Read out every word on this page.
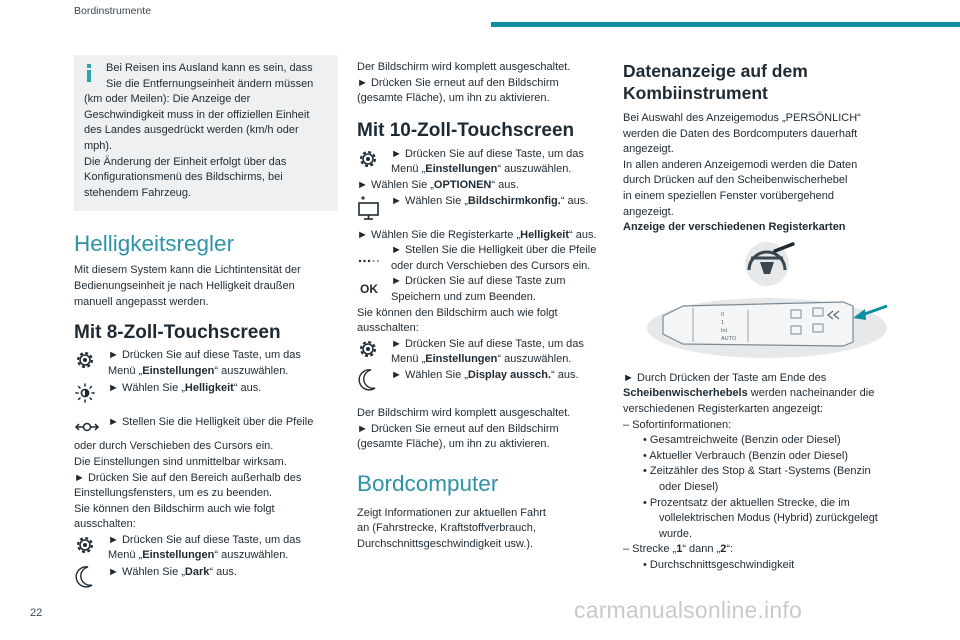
Bordinstrumente
22	carmanualsonline.info

Bei Reisen ins Ausland kann es sein, dass

Sie die Entfernungseinheit ändern müssen

(km oder Meilen): Die Anzeige der

Geschwindigkeit muss in der offiziellen Einheit

des Landes ausgedrückt werden (km/h oder

mph).

Die Änderung der Einheit erfolgt über das

Konfigurationsmenü des Bildschirms, bei

stehendem Fahrzeug.

Helligkeitsregler

Mit diesem System kann die Lichtintensität der

Bedienungseinheit je nach Helligkeit draußen

manuell angepasst werden.

Mit 8-Zoll-Touchscreen

► Drücken Sie auf diese Taste, um das

Menü „Einstellungen“ auszuwählen.

► Wählen Sie „Helligkeit“ aus.

► Stellen Sie die Helligkeit über die Pfeile

oder durch Verschieben des Cursors ein.

Die Einstellungen sind unmittelbar wirksam.

► Drücken Sie auf den Bereich außerhalb des

Einstellungsfensters, um es zu beenden.

Sie können den Bildschirm auch wie folgt

ausschalten:

► Drücken Sie auf diese Taste, um das

Menü „Einstellungen“ auszuwählen.

► Wählen Sie „Dark“ aus.

Der Bildschirm wird komplett ausgeschaltet.

► Drücken Sie erneut auf den Bildschirm

(gesamte Fläche), um ihn zu aktivieren.

Mit 10-Zoll-Touchscreen

► Drücken Sie auf diese Taste, um das

Menü „Einstellungen“ auszuwählen.

► Wählen Sie „OPTIONEN“ aus.

► Wählen Sie „Bildschirmkonfig.“ aus.

► Wählen Sie die Registerkarte „Helligkeit“ aus.

► Stellen Sie die Helligkeit über die Pfeile

oder durch Verschieben des Cursors ein.

OK

► Drücken Sie auf diese Taste zum

Speichern und zum Beenden.

Sie können den Bildschirm auch wie folgt

ausschalten:

► Drücken Sie auf diese Taste, um das

Menü „Einstellungen“ auszuwählen.

► Wählen Sie „Display aussch.“ aus.

Der Bildschirm wird komplett ausgeschaltet.

► Drücken Sie erneut auf den Bildschirm

(gesamte Fläche), um ihn zu aktivieren.

Bordcomputer

Zeigt Informationen zur aktuellen Fahrt

an (Fahrstrecke, Kraftstoffverbrauch,

Durchschnittsgeschwindigkeit usw.).

Datenanzeige auf dem
Kombiinstrument

Bei Auswahl des Anzeigemodus „PERSÖNLICH“

werden die Daten des Bordcomputers dauerhaft

angezeigt.

In allen anderen Anzeigemodi werden die Daten

durch Drücken auf den Scheibenwischerhebel

in einem speziellen Fenster vorübergehend

angezeigt.

Anzeige der verschiedenen Registerkarten

0
1
Int
AUTO

► Durch Drücken der Taste am Ende des

Scheibenwischerhebels werden nacheinander die

verschiedenen Registerkarten angezeigt:

– Sofortinformationen:

• Gesamtreichweite (Benzin oder Diesel)

• Aktueller Verbrauch (Benzin oder Diesel)

• Zeitzähler des Stop & Start -Systems (Benzin

oder Diesel)

• Prozentsatz der aktuellen Strecke, die im

vollelektrischen Modus (Hybrid) zurückgelegt

wurde.

– Strecke „1“ dann „2“:

• Durchschnittsgeschwindigkeit
